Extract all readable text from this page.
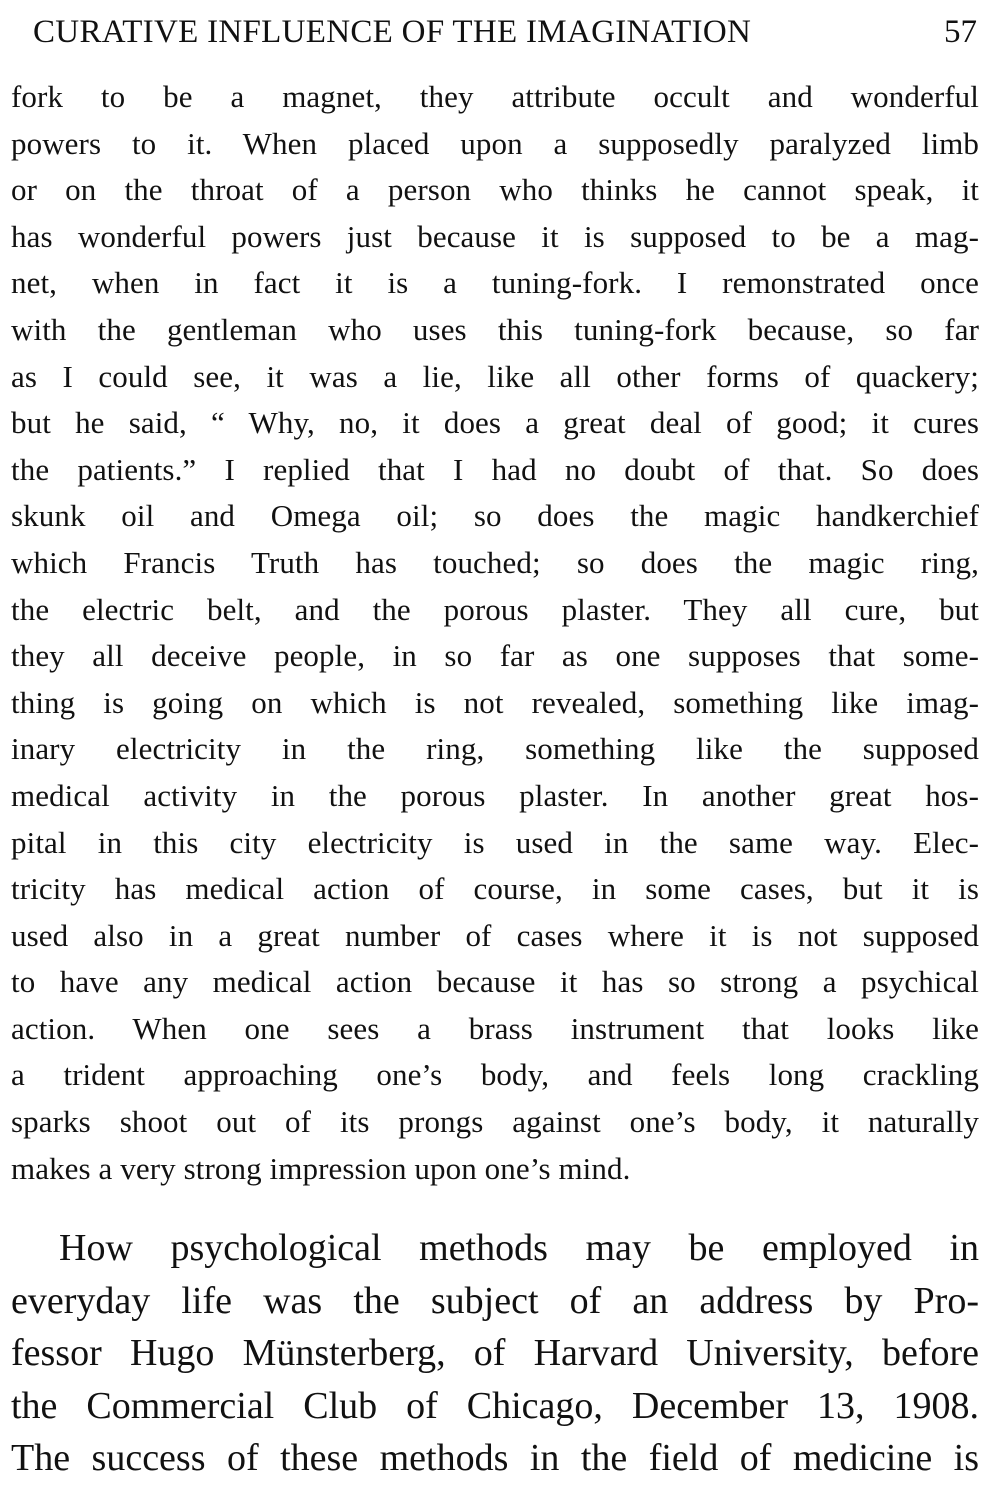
CURATIVE INFLUENCE OF THE IMAGINATION	57
fork to be a magnet, they attribute occult and wonderful
powers to it. When placed upon a supposedly paralyzed limb
or on the throat of a person who thinks he cannot speak, it
has wonderful powers just because it is supposed to be a mag-
net, when in fact it is a tuning-fork. I remonstrated once
with the gentleman who uses this tuning-fork because, so far
as I could see, it was a lie, like all other forms of quackery;
but he said, “ Why, no, it does a great deal of good; it cures
the patients.” I replied that I had no doubt of that. So does
skunk oil and Omega oil; so does the magic handkerchief
which Francis Truth has touched; so does the magic ring,
the electric belt, and the porous plaster. They all cure, but
they all deceive people, in so far as one supposes that some-
thing is going on which is not revealed, something like imag-
inary electricity in the ring, something like the supposed
medical activity in the porous plaster. In another great hos-
pital in this city electricity is used in the same way. Elec-
tricity has medical action of course, in some cases, but it is
used also in a great number of cases where it is not supposed
to have any medical action because it has so strong a psychical
action. When one sees a brass instrument that looks like
a trident approaching one’s body, and feels long crackling
sparks shoot out of its prongs against one’s body, it naturally
makes a very strong impression upon one’s mind.
How psychological methods may be employed in
everyday life was the subject of an address by Pro-
fessor Hugo Münsterberg, of Harvard University, before
the Commercial Club of Chicago, December 13, 1908.
The success of these methods in the field of medicine is
